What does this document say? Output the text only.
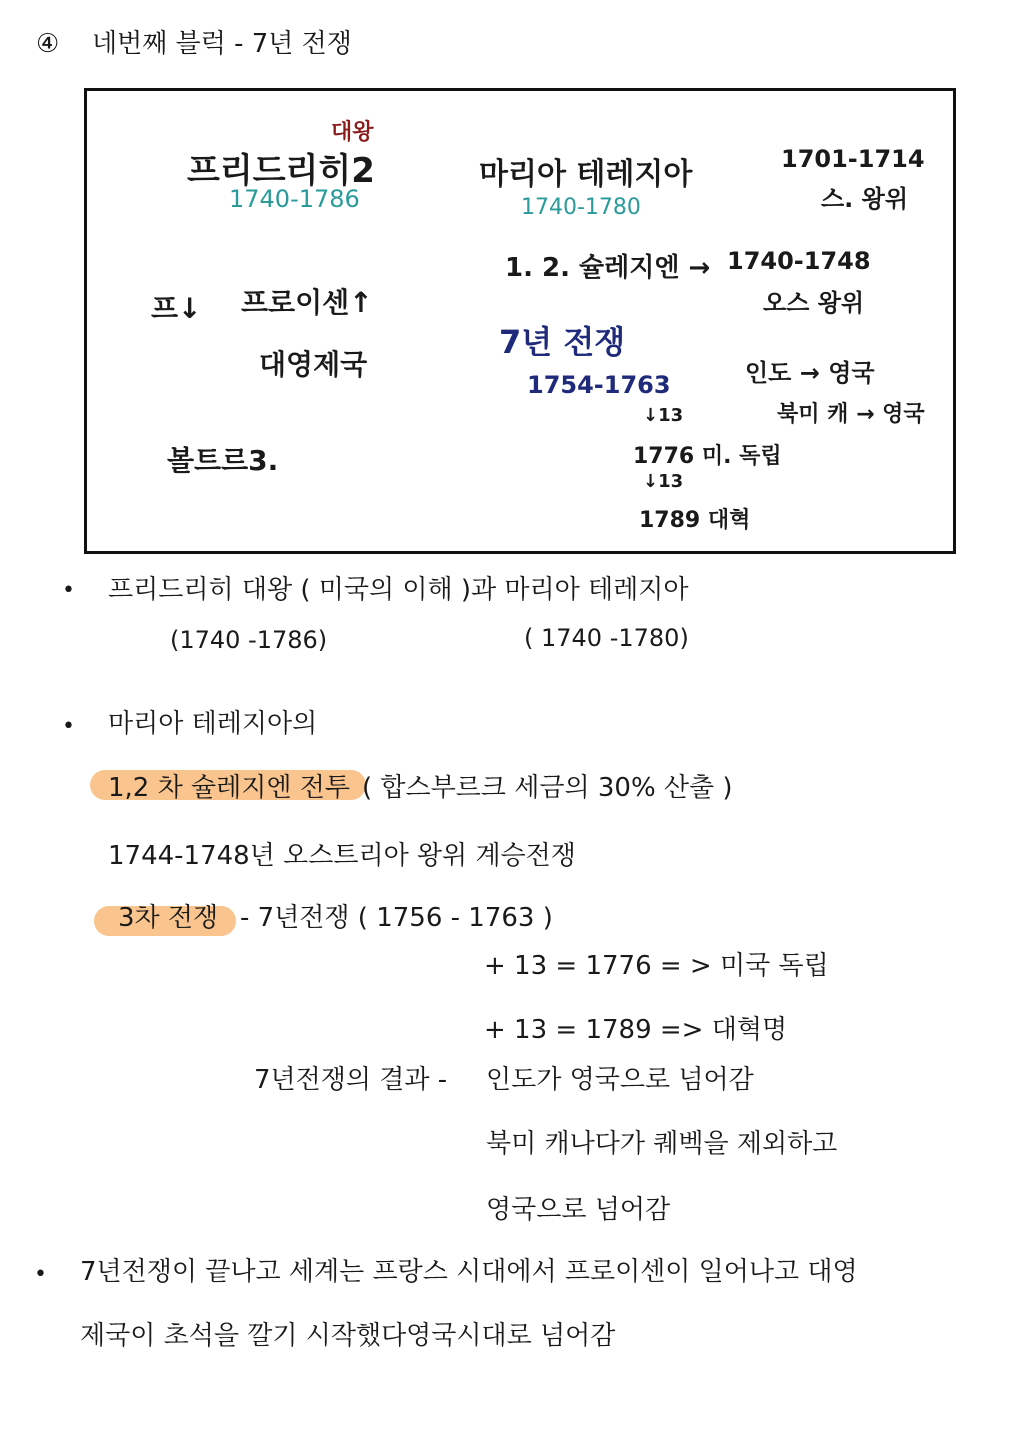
④ 네번째 블럭 - 7년 전쟁
대왕
프리드리히2
1740-1786
마리아 테레지아
1740-1780
1701-1714
스. 왕위
1. 2. 슐레지엔 → 1740-1748
오스 왕위
프↓ 프로이센↑
대영제국
볼트르3.
7년 전쟁
1754-1763
↓13
1776 미. 독립
↓13
1789 대혁
인도 → 영국
북미 캐 → 영국
• 프리드리히 대왕 ( 미국의 이해 )과 마리아 테레지아
(1740 -1786)	( 1740 -1780)
• 마리아 테레지아의
1,2 차 슐레지엔 전투 ( 합스부르크 세금의 30% 산출 )
1744-1748년 오스트리아 왕위 계승전쟁
3차 전쟁 - 7년전쟁 ( 1756 - 1763 )
+ 13 = 1776 = > 미국 독립
+ 13 = 1789 => 대혁명
7년전쟁의 결과 - 인도가 영국으로 넘어감
북미 캐나다가 퀘벡을 제외하고
영국으로 넘어감
• 7년전쟁이 끝나고 세계는 프랑스 시대에서 프로이센이 일어나고 대영
제국이 초석을 깔기 시작했다영국시대로 넘어감
